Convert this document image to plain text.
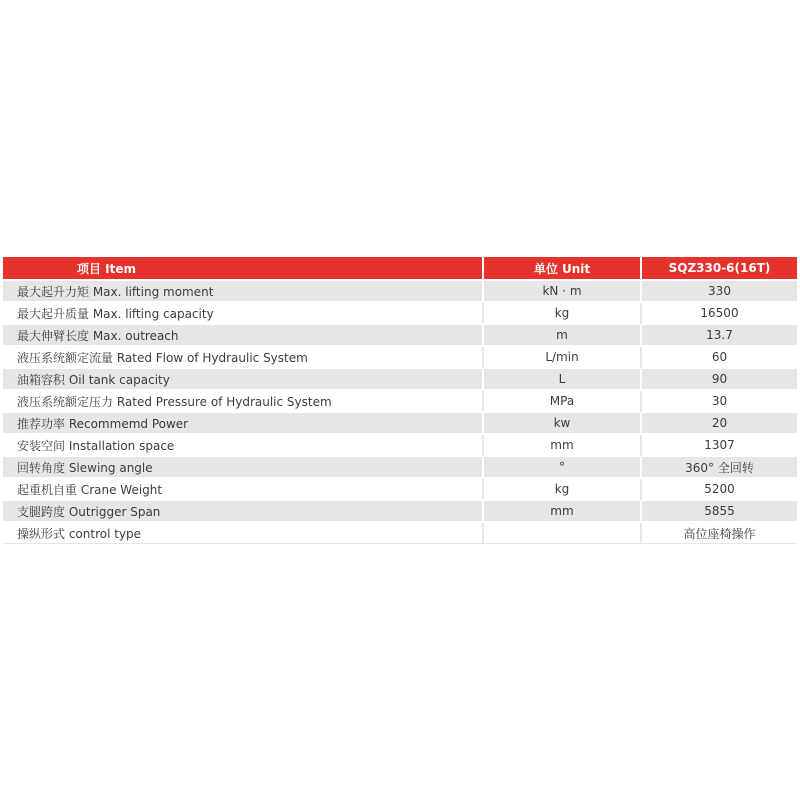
项目 Item	单位 Unit	SQZ330-6(16T)
最大起升力矩 Max. lifting moment	kN · m	330
最大起升质量 Max. lifting capacity	kg	16500
最大伸臂长度 Max. outreach	m	13.7
液压系统额定流量 Rated Flow of Hydraulic System	L/min	60
油箱容积 Oil tank capacity	L	90
液压系统额定压力 Rated Pressure of Hydraulic System	MPa	30
推荐功率 Recommemd Power	kw	20
安装空间 Installation space	mm	1307
回转角度 Slewing angle	°	360° 全回转
起重机自重 Crane Weight	kg	5200
支腿跨度 Outrigger Span	mm	5855
操纵形式 control type		高位座椅操作
